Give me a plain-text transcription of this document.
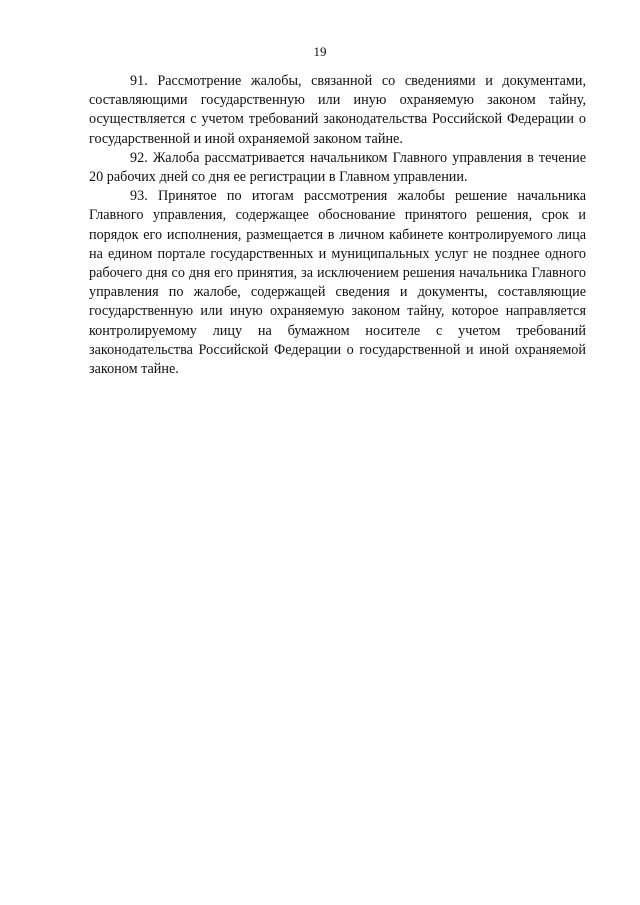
19

91. Рассмотрение жалобы, связанной со сведениями и документами, составляющими государственную или иную охраняемую законом тайну, осуществляется с учетом требований законодательства Российской Федерации о государственной и иной охраняемой законом тайне.

92. Жалоба рассматривается начальником Главного управления в течение 20 рабочих дней со дня ее регистрации в Главном управлении.

93. Принятое по итогам рассмотрения жалобы решение начальника Главного управления, содержащее обоснование принятого решения, срок и порядок его исполнения, размещается в личном кабинете контролируемого лица на едином портале государственных и муниципальных услуг не позднее одного рабочего дня со дня его принятия, за исключением решения начальника Главного управления по жалобе, содержащей сведения и документы, составляющие государственную или иную охраняемую законом тайну, которое направляется контролируемому лицу на бумажном носителе с учетом требований законодательства Российской Федерации о государственной и иной охраняемой законом тайне.
